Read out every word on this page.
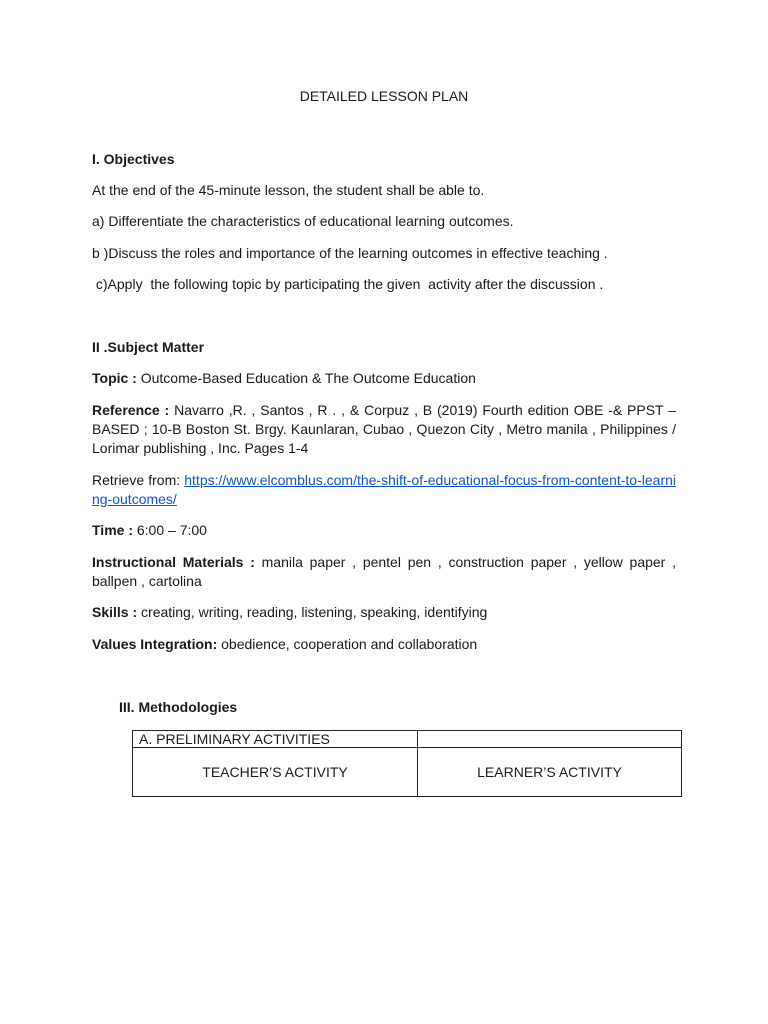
DETAILED LESSON PLAN
I. Objectives
At the end of the 45-minute lesson, the student shall be able to.
a) Differentiate the characteristics of educational learning outcomes.
b )Discuss the roles and importance of the learning outcomes in effective teaching .
c)Apply  the following topic by participating the given  activity after the discussion .
II .Subject Matter
Topic : Outcome-Based Education & The Outcome Education
Reference : Navarro ,R. , Santos , R . , & Corpuz , B (2019) Fourth edition OBE -& PPST –BASED ; 10-B Boston St. Brgy. Kaunlaran, Cubao , Quezon City , Metro manila , Philippines / Lorimar publishing , Inc. Pages 1-4
Retrieve from: https://www.elcomblus.com/the-shift-of-educational-focus-from-content-to-learning-outcomes/
Time : 6:00 – 7:00
Instructional Materials : manila paper , pentel pen , construction paper , yellow paper , ballpen , cartolina
Skills : creating, writing, reading, listening, speaking, identifying
Values Integration: obedience, cooperation and collaboration
III. Methodologies
A. PRELIMINARY ACTIVITIES	
TEACHER’S ACTIVITY	LEARNER’S ACTIVITY
